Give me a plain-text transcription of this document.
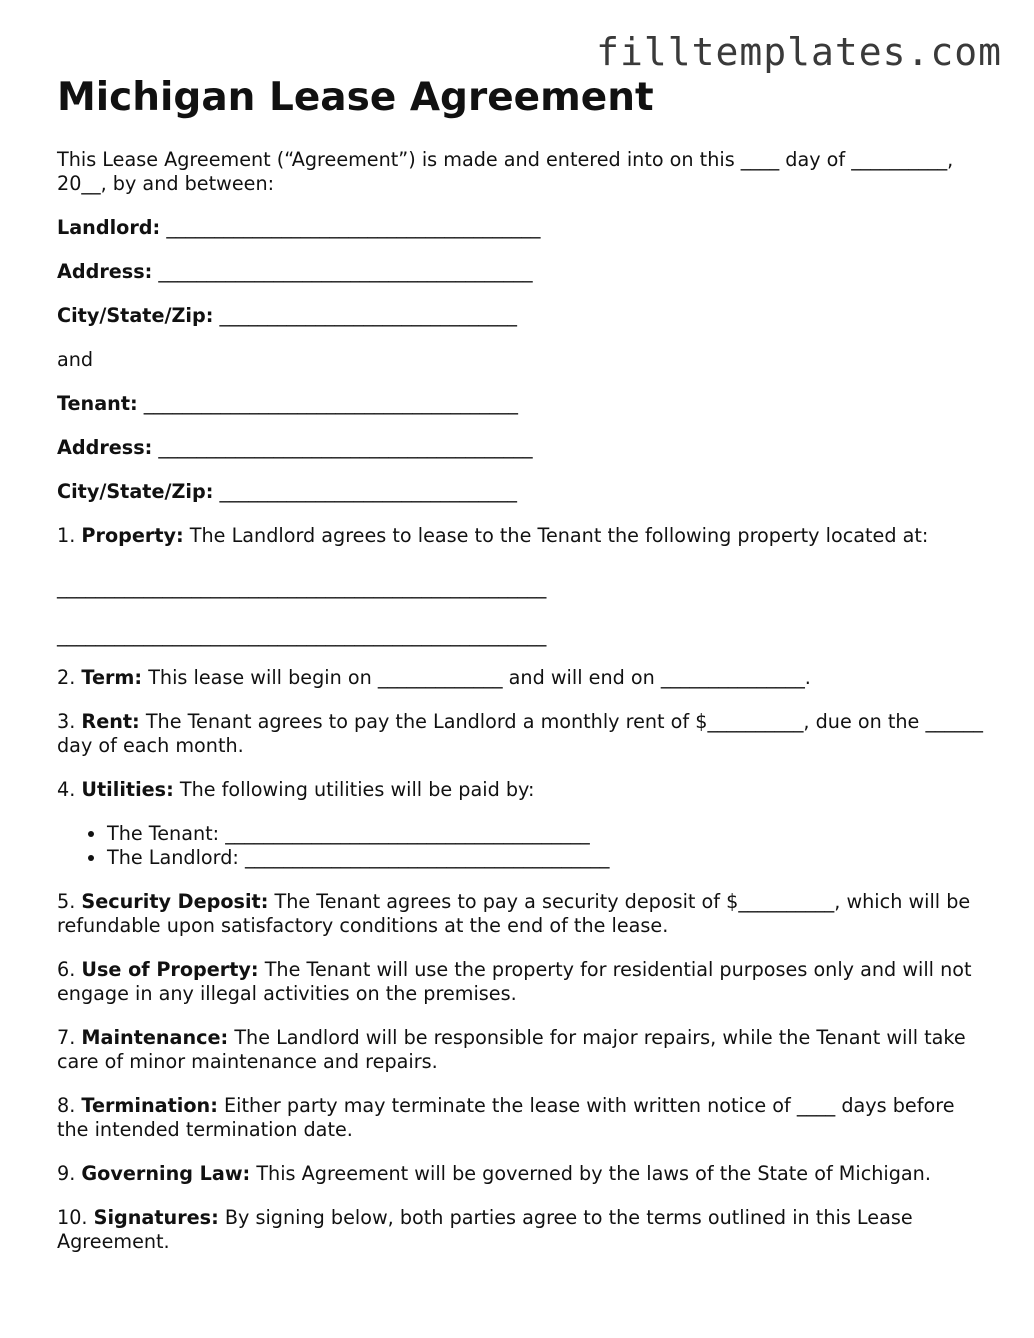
filltemplates.com
Michigan Lease Agreement

This Lease Agreement (“Agreement”) is made and entered into on this ____ day of __________, 20__, by and between:

Landlord: _______________________________________
Address: _______________________________________
City/State/Zip: _______________________________

and

Tenant: _______________________________________
Address: _______________________________________
City/State/Zip: _______________________________

1. Property: The Landlord agrees to lease to the Tenant the following property located at:

___________________________________________________
___________________________________________________

2. Term: This lease will begin on _____________ and will end on _______________.

3. Rent: The Tenant agrees to pay the Landlord a monthly rent of $__________, due on the ______ day of each month.

4. Utilities: The following utilities will be paid by:

• The Tenant: ______________________________________
• The Landlord: ______________________________________

5. Security Deposit: The Tenant agrees to pay a security deposit of $__________, which will be refundable upon satisfactory conditions at the end of the lease.

6. Use of Property: The Tenant will use the property for residential purposes only and will not engage in any illegal activities on the premises.

7. Maintenance: The Landlord will be responsible for major repairs, while the Tenant will take care of minor maintenance and repairs.

8. Termination: Either party may terminate the lease with written notice of ____ days before the intended termination date.

9. Governing Law: This Agreement will be governed by the laws of the State of Michigan.

10. Signatures: By signing below, both parties agree to the terms outlined in this Lease Agreement.
